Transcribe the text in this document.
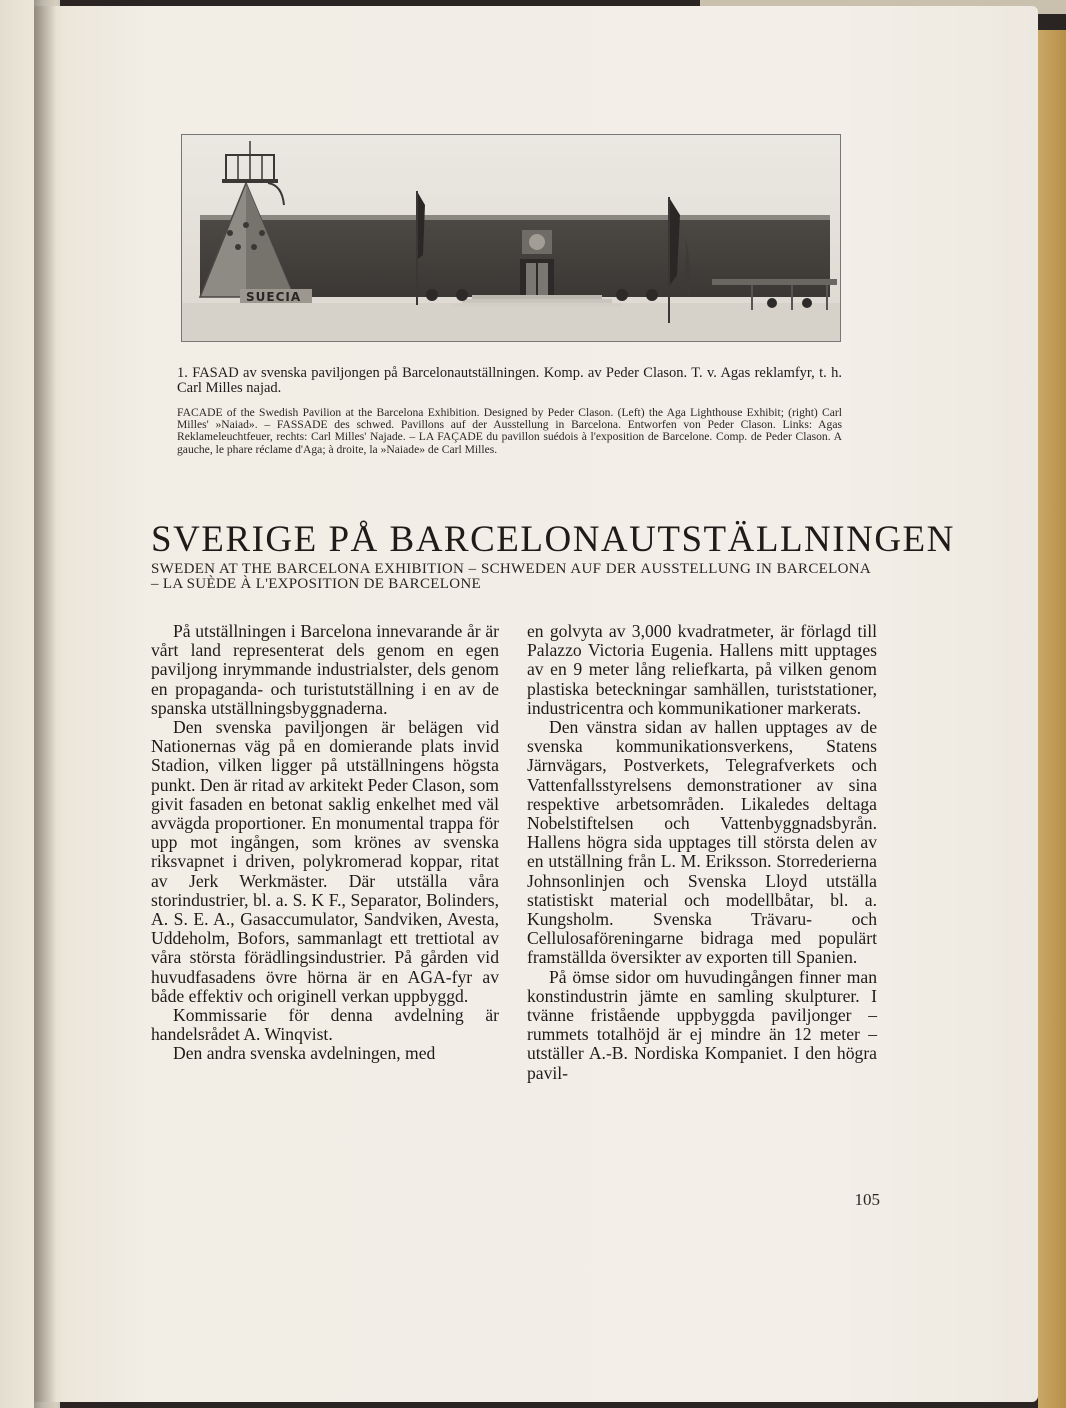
SUECIA
1. FASAD av svenska paviljongen på Barcelonautställningen. Komp. av Peder Clason. T. v. Agas reklamfyr, t. h. Carl Milles najad.
FACADE of the Swedish Pavilion at the Barcelona Exhibition. Designed by Peder Clason. (Left) the Aga Lighthouse Exhibit; (right) Carl Milles' »Naiad». – FASSADE des schwed. Pavillons auf der Ausstellung in Barcelona. Entworfen von Peder Clason. Links: Agas Reklameleuchtfeuer, rechts: Carl Milles' Najade. – LA FAÇADE du pavillon suédois à l'exposition de Barcelone. Comp. de Peder Clason. A gauche, le phare réclame d'Aga; à droite, la »Naiade» de Carl Milles.
SVERIGE PÅ BARCELONAUTSTÄLLNINGEN
SWEDEN AT THE BARCELONA EXHIBITION – SCHWEDEN AUF DER AUSSTELLUNG IN BARCELONA – LA SUÈDE À L'EXPOSITION DE BARCELONE

På utställningen i Barcelona innevarande år är vårt land representerat dels genom en egen paviljong inrymmande industrialster, dels genom en propaganda- och turistutställning i en av de spanska utställningsbyggnaderna.

Den svenska paviljongen är belägen vid Nationernas väg på en domierande plats invid Stadion, vilken ligger på utställningens högsta punkt. Den är ritad av arkitekt Peder Clason, som givit fasaden en betonat saklig enkelhet med väl avvägda proportioner. En monumental trappa för upp mot ingången, som krönes av svenska riksvapnet i driven, polykromerad koppar, ritat av Jerk Werkmäster. Där utställa våra storindustrier, bl. a. S. K F., Separator, Bolinders, A. S. E. A., Gasaccumulator, Sandviken, Avesta, Uddeholm, Bofors, sammanlagt ett trettiotal av våra största förädlingsindustrier. På gården vid huvudfasadens övre hörna är en AGA-fyr av både effektiv och originell verkan uppbyggd.

Kommissarie för denna avdelning är handelsrådet A. Winqvist.

Den andra svenska avdelningen, med

en golvyta av 3,000 kvadratmeter, är förlagd till Palazzo Victoria Eugenia. Hallens mitt upptages av en 9 meter lång reliefkarta, på vilken genom plastiska beteckningar samhällen, turiststationer, industricentra och kommunikationer markerats.

Den vänstra sidan av hallen upptages av de svenska kommunikationsverkens, Statens Järnvägars, Postverkets, Telegrafverkets och Vattenfallsstyrelsens demonstrationer av sina respektive arbetsområden. Likaledes deltaga Nobelstiftelsen och Vattenbyggnadsbyrån. Hallens högra sida upptages till största delen av en utställning från L. M. Eriksson. Storrederierna Johnsonlinjen och Svenska Lloyd utställa statistiskt material och modellbåtar, bl. a. Kungsholm. Svenska Trävaru- och Cellulosaföreningarne bidraga med populärt framställda översikter av exporten till Spanien.

På ömse sidor om huvudingången finner man konstindustrin jämte en samling skulpturer. I tvänne fristående uppbyggda paviljonger – rummets totalhöjd är ej mindre än 12 meter – utställer A.-B. Nordiska Kompaniet. I den högra pavil-

105
